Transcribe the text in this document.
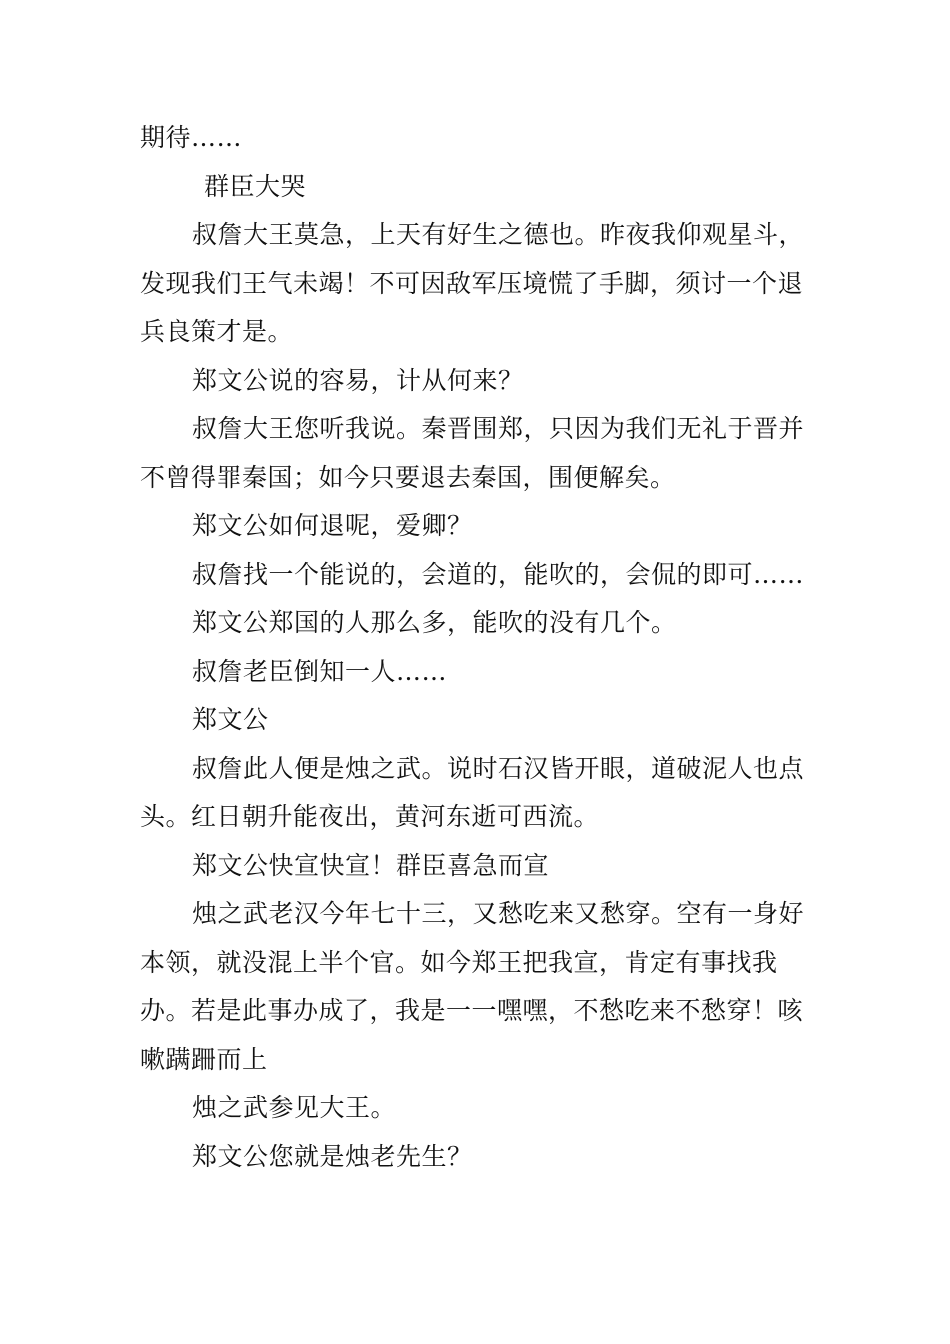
期待……

群臣大哭

叔詹大王莫急，上天有好生之德也。昨夜我仰观星斗，发现我们王气未竭！不可因敌军压境慌了手脚，须讨一个退兵良策才是。

郑文公说的容易，计从何来？

叔詹大王您听我说。秦晋围郑，只因为我们无礼于晋并不曾得罪秦国；如今只要退去秦国，围便解矣。

郑文公如何退呢，爱卿？

叔詹找一个能说的，会道的，能吹的，会侃的即可……

郑文公郑国的人那么多，能吹的没有几个。

叔詹老臣倒知一人……

郑文公

叔詹此人便是烛之武。说时石汉皆开眼，道破泥人也点头。红日朝升能夜出，黄河东逝可西流。

郑文公快宣快宣！群臣喜急而宣

烛之武老汉今年七十三，又愁吃来又愁穿。空有一身好本领，就没混上半个官。如今郑王把我宣，肯定有事找我办。若是此事办成了，我是一一嘿嘿，不愁吃来不愁穿！咳嗽蹒跚而上

烛之武参见大王。

郑文公您就是烛老先生？
